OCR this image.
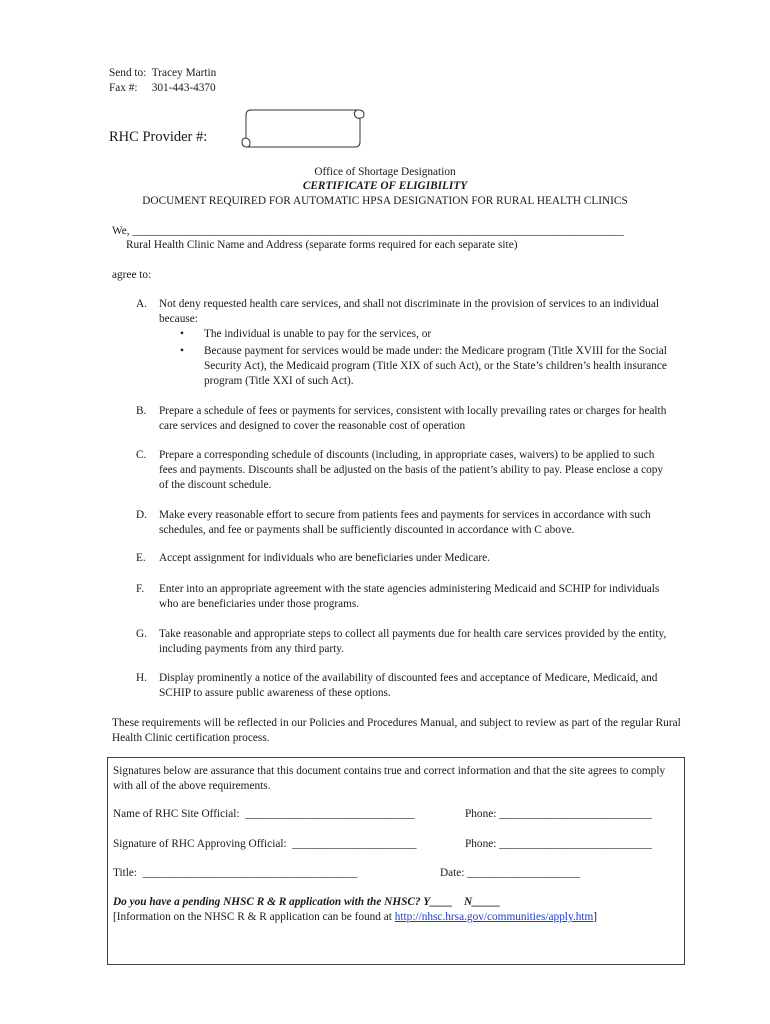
Send to: Tracey Martin
Fax #: 301-443-4370
RHC Provider #:
Office of Shortage Designation
CERTIFICATE OF ELIGIBILITY
DOCUMENT REQUIRED FOR AUTOMATIC HPSA DESIGNATION FOR RURAL HEALTH CLINICS
We, _______________________________________________________________________________________
Rural Health Clinic Name and Address (separate forms required for each separate site)
agree to:
A. Not deny requested health care services, and shall not discriminate in the provision of services to an individual because:
• The individual is unable to pay for the services, or
• Because payment for services would be made under: the Medicare program (Title XVIII for the Social Security Act), the Medicaid program (Title XIX of such Act), or the State’s children’s health insurance program (Title XXI of such Act).
B. Prepare a schedule of fees or payments for services, consistent with locally prevailing rates or charges for health care services and designed to cover the reasonable cost of operation
C. Prepare a corresponding schedule of discounts (including, in appropriate cases, waivers) to be applied to such fees and payments. Discounts shall be adjusted on the basis of the patient’s ability to pay. Please enclose a copy of the discount schedule.
D. Make every reasonable effort to secure from patients fees and payments for services in accordance with such schedules, and fee or payments shall be sufficiently discounted in accordance with C above.
E. Accept assignment for individuals who are beneficiaries under Medicare.
F. Enter into an appropriate agreement with the state agencies administering Medicaid and SCHIP for individuals who are beneficiaries under those programs.
G. Take reasonable and appropriate steps to collect all payments due for health care services provided by the entity, including payments from any third party.
H. Display prominently a notice of the availability of discounted fees and acceptance of Medicare, Medicaid, and SCHIP to assure public awareness of these options.
These requirements will be reflected in our Policies and Procedures Manual, and subject to review as part of the regular Rural Health Clinic certification process.
Signatures below are assurance that this document contains true and correct information and that the site agrees to comply with all of the above requirements.
Name of RHC Site Official:  ______________________________	Phone: ___________________________
Signature of RHC Approving Official:  ______________________	Phone: ___________________________
Title:  ______________________________________	Date: ____________________
Do you have a pending NHSC R & R application with the NHSC? Y____    N_____
[Information on the NHSC R & R application can be found at http://nhsc.hrsa.gov/communities/apply.htm]
